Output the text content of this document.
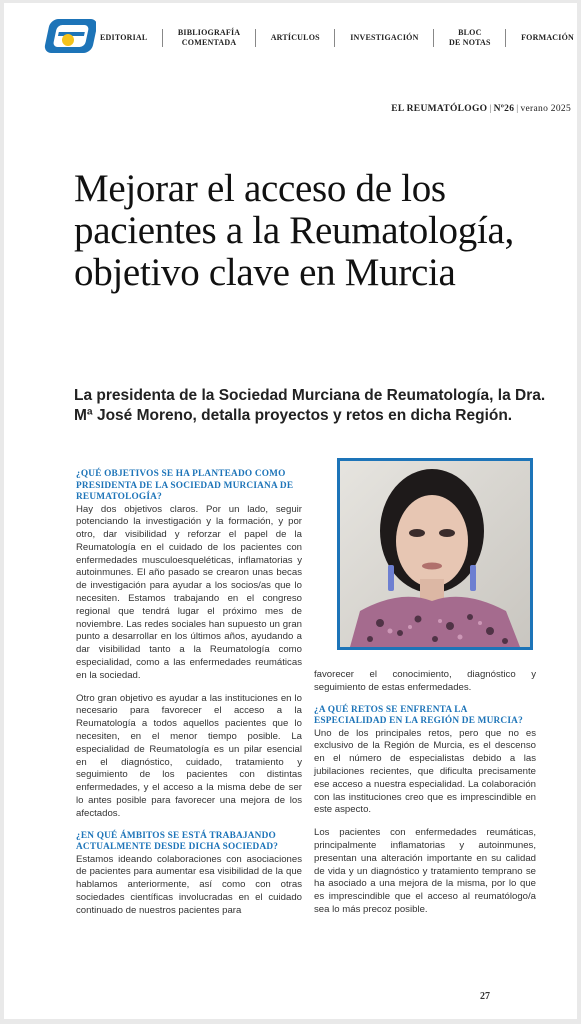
EDITORIAL
BIBLIOGRAFÍA
COMENTADA
ARTÍCULOS	INVESTIGACIÓN
BLOC
DE NOTAS
FORMACIÓN
EL REUMATÓLOGO | Nº26 | verano 2025
Mejorar el acceso de los pacientes a la Reumatología, objetivo clave en Murcia

La presidenta de la Sociedad Murciana de Reumatología, la Dra. Mª José Moreno, detalla proyectos y retos en dicha Región.

¿QUÉ OBJETIVOS SE HA PLANTEADO COMO PRESIDENTA DE LA SOCIEDAD MURCIANA DE REUMATOLOGÍA?

Hay dos objetivos claros. Por un lado, seguir potenciando la investigación y la formación, y por otro, dar visibilidad y reforzar el papel de la Reumatología en el cuidado de los pacientes con enfermedades musculoesqueléticas, inflamatorias y autoinmunes. El año pasado se crearon unas becas de investigación para ayudar a los socios/as que lo necesiten. Estamos trabajando en el congreso regional que tendrá lugar el próximo mes de noviembre. Las redes sociales han supuesto un gran punto a desarrollar en los últimos años, ayudando a dar visibilidad tanto a la Reumatología como especialidad, como a las enfermedades reumáticas en la sociedad.

Otro gran objetivo es ayudar a las instituciones en lo necesario para favorecer el acceso a la Reumatología a todos aquellos pacientes que lo necesiten, en el menor tiempo posible. La especialidad de Reumatología es un pilar esencial en el diagnóstico, cuidado, tratamiento y seguimiento de los pacientes con distintas enfermedades, y el acceso a la misma debe de ser lo antes posible para favorecer una mejora de los afectados.

¿EN QUÉ ÁMBITOS SE ESTÁ TRABAJANDO ACTUALMENTE DESDE DICHA SOCIEDAD?

Estamos ideando colaboraciones con asociaciones de pacientes para aumentar esa visibilidad de la que hablamos anteriormente, así como con otras sociedades científicas involucradas en el cuidado continuado de nuestros pacientes para

favorecer el conocimiento, diagnóstico y seguimiento de estas enfermedades.

¿A QUÉ RETOS SE ENFRENTA LA ESPECIALIDAD EN LA REGIÓN DE MURCIA?

Uno de los principales retos, pero que no es exclusivo de la Región de Murcia, es el descenso en el número de especialistas debido a las jubilaciones recientes, que dificulta precisamente ese acceso a nuestra especialidad. La colaboración con las instituciones creo que es imprescindible en este aspecto.

Los pacientes con enfermedades reumáticas, principalmente inflamatorias y autoinmunes, presentan una alteración importante en su calidad de vida y un diagnóstico y tratamiento temprano se ha asociado a una mejora de la misma, por lo que es imprescindible que el acceso al reumatólogo/a sea lo más precoz posible.

27
